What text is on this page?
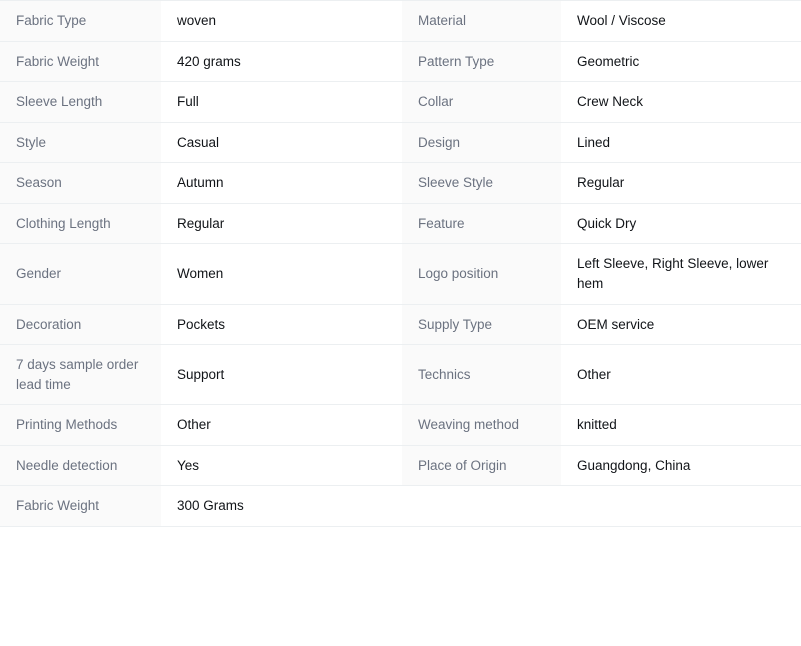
Fabric Type	woven	Material	Wool / Viscose
Fabric Weight	420 grams	Pattern Type	Geometric
Sleeve Length	Full	Collar	Crew Neck
Style	Casual	Design	Lined
Season	Autumn	Sleeve Style	Regular
Clothing Length	Regular	Feature	Quick Dry
Gender	Women	Logo position	Left Sleeve, Right Sleeve, lower hem
Decoration	Pockets	Supply Type	OEM service
7 days sample order lead time	Support	Technics	Other
Printing Methods	Other	Weaving method	knitted
Needle detection	Yes	Place of Origin	Guangdong, China
Fabric Weight	300 Grams		
